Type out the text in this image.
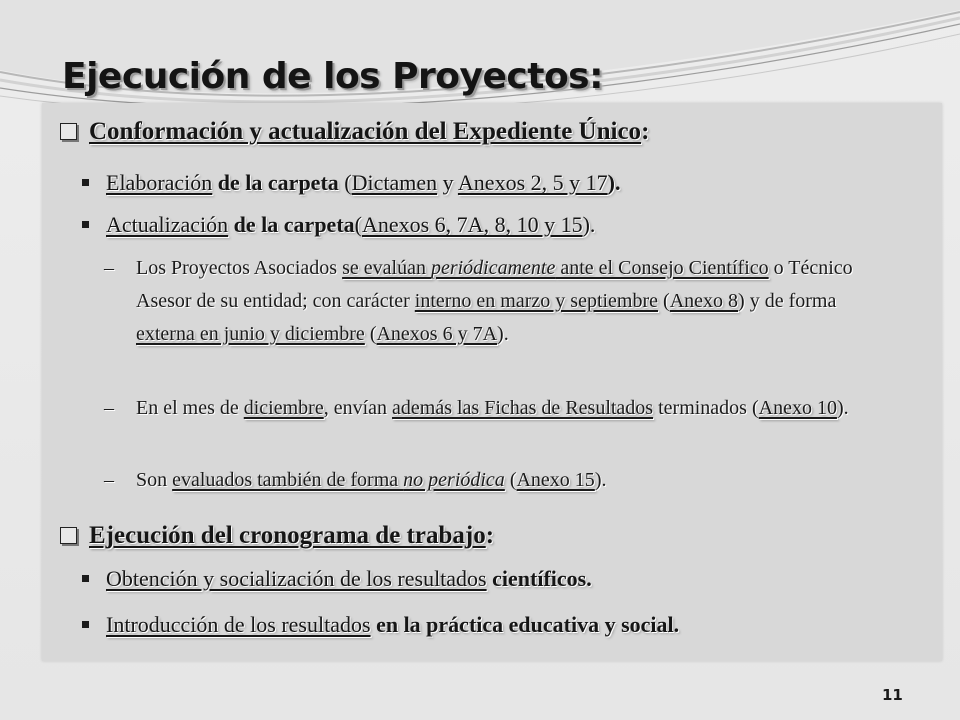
Ejecución de los Proyectos:
Conformación y actualización del Expediente Único:
Elaboración de la carpeta (Dictamen y Anexos 2, 5 y 17).
Actualización de la carpeta(Anexos 6, 7A, 8, 10 y 15).
–	Los Proyectos Asociados se evalúan periódicamente ante el Consejo Científico o Técnico Asesor de su entidad; con carácter interno en marzo y septiembre (Anexo 8) y de forma externa en junio y diciembre (Anexos 6 y 7A).
–	En el mes de diciembre, envían además las Fichas de Resultados terminados (Anexo 10).
–	Son evaluados también de forma no periódica (Anexo 15).
Ejecución del cronograma de trabajo:
Obtención y socialización de los resultados científicos.
Introducción de los resultados en la práctica educativa y social.
11
